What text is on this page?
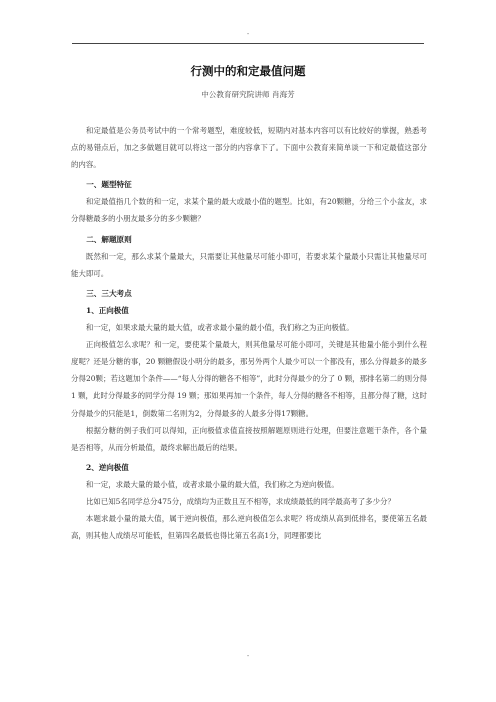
-
行测中的和定最值问题
中公教育研究院讲师 肖海芳

和定最值是公务员考试中的一个常考题型，难度较低，短期内对基本内容可以有比较好的掌握，熟悉考点的易错点后，加之多做题目就可以将这一部分的内容拿下了。下面中公教育来简单谈一下和定最值这部分的内容。

一、题型特征

和定最值指几个数的和一定，求某个量的最大或最小值的题型。比如，有20颗糖，分给三个小盆友，求分得糖最多的小朋友最多分的多少颗糖？

二、解题原则

既然和一定，那么求某个量最大，只需要让其他量尽可能小即可，若要求某个量最小只需让其他量尽可能大即可。

三、三大考点
1、正向极值

和一定，如果求最大量的最大值，或者求最小量的最小值，我们称之为正向极值。

正向极值怎么求呢？和一定，要使某个量最大，则其他量尽可能小即可，关键是其他量小能小到什么程度呢？还是分糖的事，20 颗糖假设小明分的最多，那另外两个人最少可以一个都没有，那么分得最多的最多分得20颗；若这题加个条件——“每人分得的糖各不相等”，此时分得最少的分了 0 颗，那排名第二的则分得 1 颗，此时分得最多的同学分得 19 颗；那如果再加一个条件，每人分得的糖各不相等，且都分得了糖，这时分得最少的只能是1，倒数第二名则为2，分得最多的人最多分得17颗糖。

根据分糖的例子我们可以得知，正向极值求值直接按照解题原则进行处理，但要注意题干条件，各个量是否相等，从而分析最值，最终求解出最后的结果。

2、逆向极值

和一定，求最大量的最小值，或者求最小量的最大值，我们称之为逆向极值。

比如已知5名同学总分475分，成绩均为正数且互不相等，求成绩最低的同学最高考了多少分？

本题求最小量的最大值，属于逆向极值，那么逆向极值怎么求呢？将成绩从高到低排名，要使第五名最高，则其他人成绩尽可能低，但第四名最低也得比第五名高1分，同理都要比

-
